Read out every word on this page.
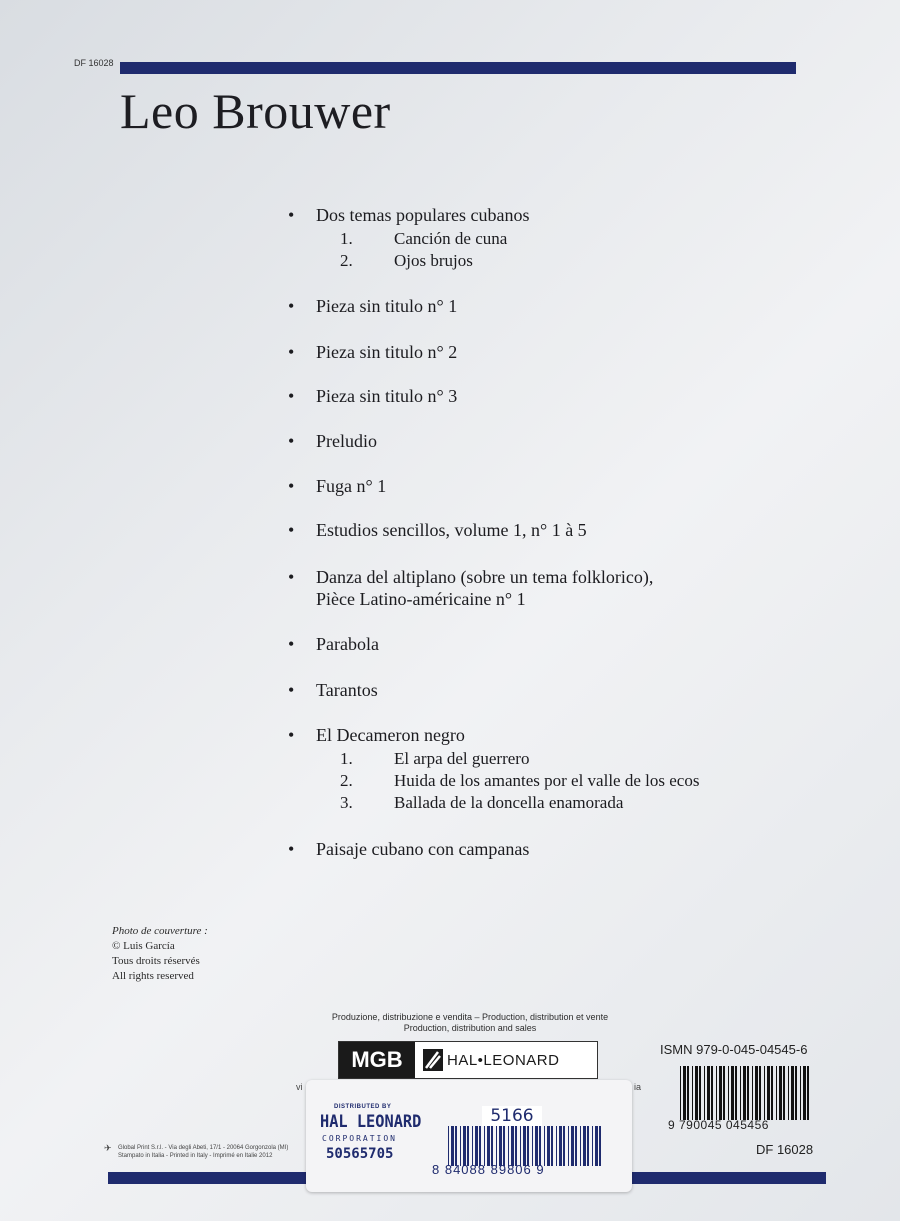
DF 16028
Leo Brouwer
•	Dos temas populares cubanos
1. Canción de cuna
2. Ojos brujos
•	Pieza sin titulo n° 1
•	Pieza sin titulo n° 2
•	Pieza sin titulo n° 3
•	Preludio
•	Fuga n° 1
•	Estudios sencillos, volume 1, n° 1 à 5
•	Danza del altiplano (sobre un tema folklorico),
Pièce Latino-américaine n° 1
•	Parabola
•	Tarantos
•	El Decameron negro
1. El arpa del guerrero
2. Huida de los amantes por el valle de los ecos
3. Ballada de la doncella enamorada
•	Paisaje cubano con campanas
Photo de couverture :
© Luis García
Tous droits réservés
All rights reserved
Produzione, distribuzione e vendita – Production, distribution et vente
Production, distribution and sales
MGB	HAL•LEONARD
vi	ia
ISMN 979-0-045-04545-6
9 790045 045456
DF 16028
✈	Global Print S.r.l. - Via degli Abeti, 17/1 - 20064 Gorgonzola (MI)
Stampato in Italia - Printed in Italy - Imprimé en Italie 2012
DISTRIBUTED BY
HAL LEONARD
CORPORATION
50565705
5166
8 84088 89806 9
